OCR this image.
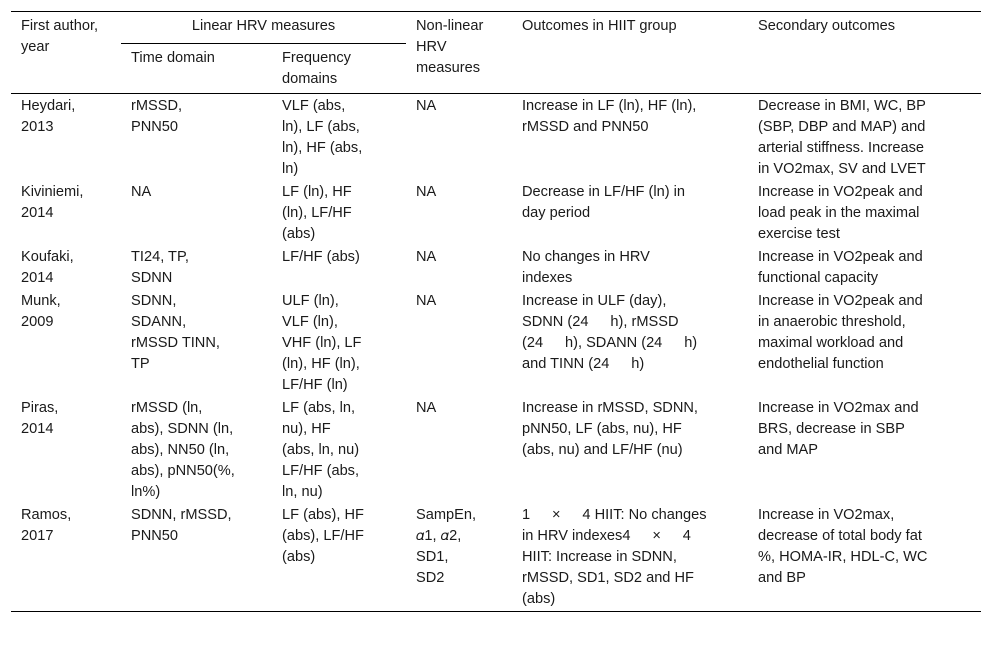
First author, year	Linear HRV measures		Non-linear HRV measures	Outcomes in HIIT group	Secondary outcomes
	Time domain	Frequency domains			
Heydari,
2013	rMSSD,
PNN50	VLF (abs,
ln), LF (abs,
ln), HF (abs,
ln)	NA	Increase in LF (ln), HF (ln),
rMSSD and PNN50	Decrease in BMI, WC, BP
(SBP, DBP and MAP) and
arterial stiffness. Increase
in VO2max, SV and LVET
Kiviniemi,
2014	NA	LF (ln), HF
(ln), LF/HF
(abs)	NA	Decrease in LF/HF (ln) in
day period	Increase in VO2peak and
load peak in the maximal
exercise test
Koufaki,
2014	TI24, TP,
SDNN	LF/HF (abs)	NA	No changes in HRV
indexes	Increase in VO2peak and
functional capacity
Munk,
2009	SDNN,
SDANN,
rMSSD TINN,
TP	ULF (ln),
VLF (ln),
VHF (ln), LF
(ln), HF (ln),
LF/HF (ln)	NA	Increase in ULF (day),
SDNN (24  h), rMSSD
(24  h), SDANN (24  h)
and TINN (24  h)	Increase in VO2peak and
in anaerobic threshold,
maximal workload and
endothelial function
Piras,
2014	rMSSD (ln,
abs), SDNN (ln,
abs), NN50 (ln,
abs), pNN50(%,
ln%)	LF (abs, ln,
nu), HF
(abs, ln, nu)
LF/HF (abs,
ln, nu)	NA	Increase in rMSSD, SDNN,
pNN50, LF (abs, nu), HF
(abs, nu) and LF/HF (nu)	Increase in VO2max and
BRS, decrease in SBP
and MAP
Ramos,
2017	SDNN, rMSSD,
PNN50	LF (abs), HF
(abs), LF/HF
(abs)	SampEn,
𝛼1, 𝛼2,
SD1,
SD2	1  ×  4 HIIT: No changes
in HRV indexes4  ×  4
HIIT: Increase in SDNN,
rMSSD, SD1, SD2 and HF
(abs)	Increase in VO2max,
decrease of total body fat
%, HOMA-IR, HDL-C, WC
and BP
